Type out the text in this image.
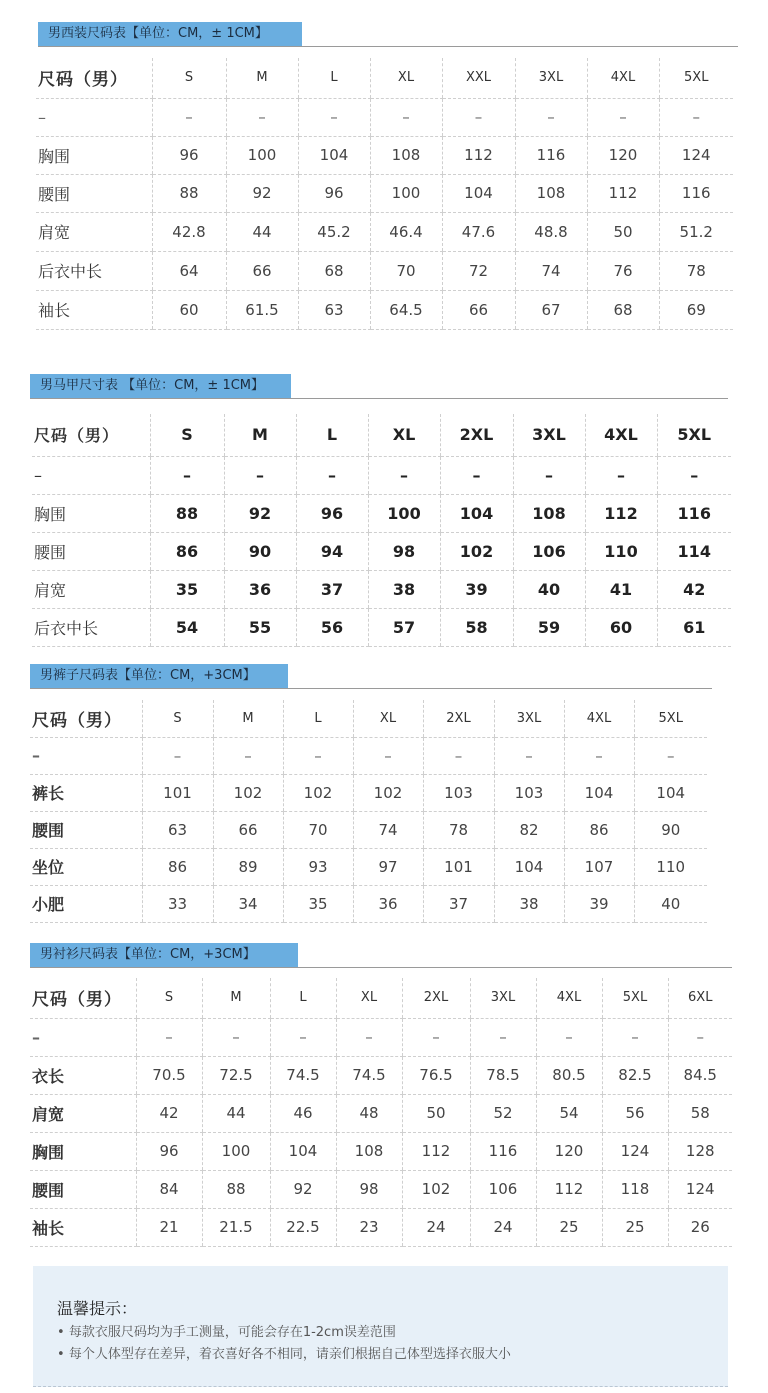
男西装尺码表【单位：CM，± 1CM】
尺码（男）	S	M	L	XL	XXL	3XL	4XL	5XL
–	–	–	–	–	–	–	–	–
胸围	96	100	104	108	112	116	120	124
腰围	88	92	96	100	104	108	112	116
肩宽	42.8	44	45.2	46.4	47.6	48.8	50	51.2
后衣中长	64	66	68	70	72	74	76	78
袖长	60	61.5	63	64.5	66	67	68	69
男马甲尺寸表 【单位：CM，± 1CM】
尺码（男）	S	M	L	XL	2XL	3XL	4XL	5XL
–	–	–	–	–	–	–	–	–
胸围	88	92	96	100	104	108	112	116
腰围	86	90	94	98	102	106	110	114
肩宽	35	36	37	38	39	40	41	42
后衣中长	54	55	56	57	58	59	60	61
男裤子尺码表【单位：CM，+3CM】
尺码（男）	S	M	L	XL	2XL	3XL	4XL	5XL
–	–	–	–	–	–	–	–	–
裤长	101	102	102	102	103	103	104	104
腰围	63	66	70	74	78	82	86	90
坐位	86	89	93	97	101	104	107	110
小肥	33	34	35	36	37	38	39	40
男衬衫尺码表【单位：CM，+3CM】
尺码（男）	S	M	L	XL	2XL	3XL	4XL	5XL	6XL
–	–	–	–	–	–	–	–	–	–
衣长	70.5	72.5	74.5	74.5	76.5	78.5	80.5	82.5	84.5
肩宽	42	44	46	48	50	52	54	56	58
胸围	96	100	104	108	112	116	120	124	128
腰围	84	88	92	98	102	106	112	118	124
袖长	21	21.5	22.5	23	24	24	25	25	26
温馨提示：
• 每款衣服尺码均为手工测量，可能会存在1-2cm误差范围
• 每个人体型存在差异，着衣喜好各不相同，请亲们根据自己体型选择衣服大小
